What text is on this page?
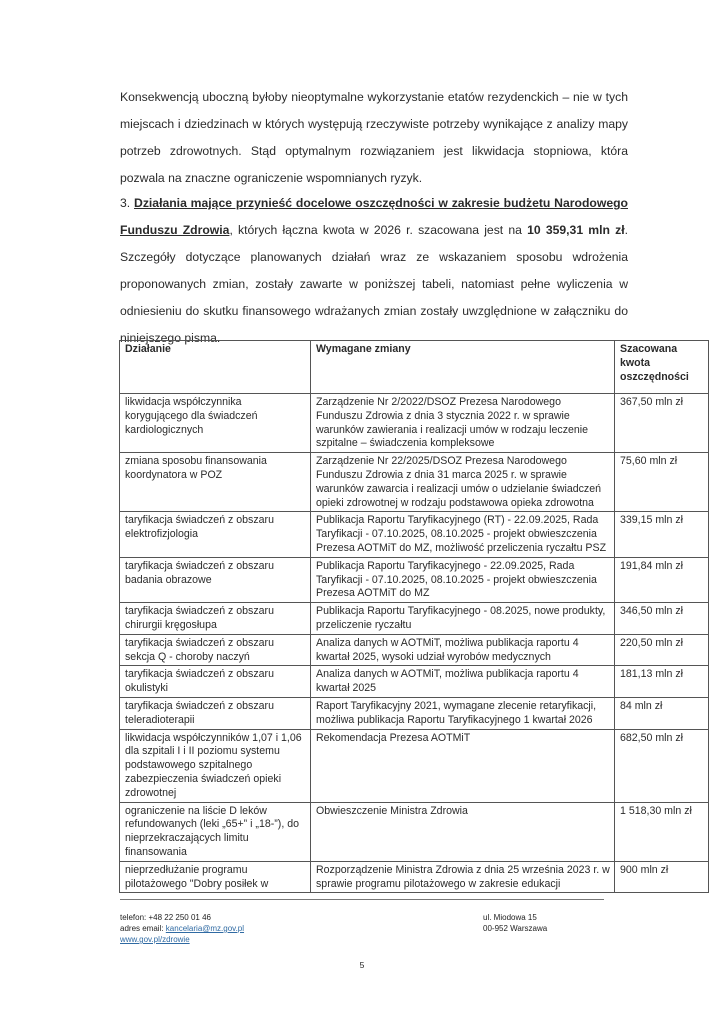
Konsekwencją uboczną byłoby nieoptymalne wykorzystanie etatów rezydenckich – nie w tych miejscach i dziedzinach w których występują rzeczywiste potrzeby wynikające z analizy mapy potrzeb zdrowotnych. Stąd optymalnym rozwiązaniem jest likwidacja stopniowa, która pozwala na znaczne ograniczenie wspomnianych ryzyk.
3. Działania mające przynieść docelowe oszczędności w zakresie budżetu Narodowego Funduszu Zdrowia, których łączna kwota w 2026 r. szacowana jest na 10 359,31 mln zł. Szczegóły dotyczące planowanych działań wraz ze wskazaniem sposobu wdrożenia proponowanych zmian, zostały zawarte w poniższej tabeli, natomiast pełne wyliczenia w odniesieniu do skutku finansowego wdrażanych zmian zostały uwzględnione w załączniku do niniejszego pisma.
Działanie	Wymagane zmiany	Szacowana kwota oszczędności
likwidacja współczynnika korygującego dla świadczeń kardiologicznych	Zarządzenie Nr 2/2022/DSOZ Prezesa Narodowego Funduszu Zdrowia z dnia 3 stycznia 2022 r. w sprawie warunków zawierania i realizacji umów w rodzaju leczenie szpitalne – świadczenia kompleksowe	367,50 mln zł
zmiana sposobu finansowania koordynatora w POZ	Zarządzenie Nr 22/2025/DSOZ Prezesa Narodowego Funduszu Zdrowia z dnia 31 marca 2025 r. w sprawie warunków zawarcia i realizacji umów o udzielanie świadczeń opieki zdrowotnej w rodzaju podstawowa opieka zdrowotna	75,60 mln zł
taryfikacja świadczeń z obszaru elektrofizjologia	Publikacja Raportu Taryfikacyjnego (RT) - 22.09.2025, Rada Taryfikacji - 07.10.2025, 08.10.2025 - projekt obwieszczenia Prezesa AOTMiT do MZ, możliwość przeliczenia ryczałtu PSZ	339,15 mln zł
taryfikacja świadczeń z obszaru badania obrazowe	Publikacja Raportu Taryfikacyjnego - 22.09.2025, Rada Taryfikacji - 07.10.2025, 08.10.2025 - projekt obwieszczenia Prezesa AOTMiT do MZ	191,84 mln zł
taryfikacja świadczeń z obszaru chirurgii kręgosłupa	Publikacja Raportu Taryfikacyjnego - 08.2025, nowe produkty, przeliczenie ryczałtu	346,50 mln zł
taryfikacja świadczeń z obszaru sekcja Q - choroby naczyń	Analiza danych w AOTMiT, możliwa publikacja raportu 4 kwartał 2025, wysoki udział wyrobów medycznych	220,50 mln zł
taryfikacja świadczeń z obszaru okulistyki	Analiza danych w AOTMiT, możliwa publikacja raportu 4 kwartał 2025	181,13 mln zł
taryfikacja świadczeń z obszaru teleradioterapii	Raport Taryfikacyjny 2021, wymagane zlecenie retaryfikacji, możliwa publikacja Raportu Taryfikacyjnego 1 kwartał 2026	84 mln zł
likwidacja współczynników 1,07 i 1,06 dla szpitali I i II poziomu systemu podstawowego szpitalnego zabezpieczenia świadczeń opieki zdrowotnej	Rekomendacja Prezesa AOTMiT	682,50 mln zł
ograniczenie na liście D leków refundowanych (leki „65+” i „18-”), do nieprzekraczających limitu finansowania	Obwieszczenie Ministra Zdrowia	1 518,30 mln zł
nieprzedłużanie programu pilotażowego "Dobry posiłek w	Rozporządzenie Ministra Zdrowia z dnia 25 września 2023 r. w sprawie programu pilotażowego w zakresie edukacji	900 mln zł
telefon: +48 22 250 01 46
adres email: kancelaria@mz.gov.pl
www.gov.pl/zdrowie
ul. Miodowa 15
00-952 Warszawa
5
